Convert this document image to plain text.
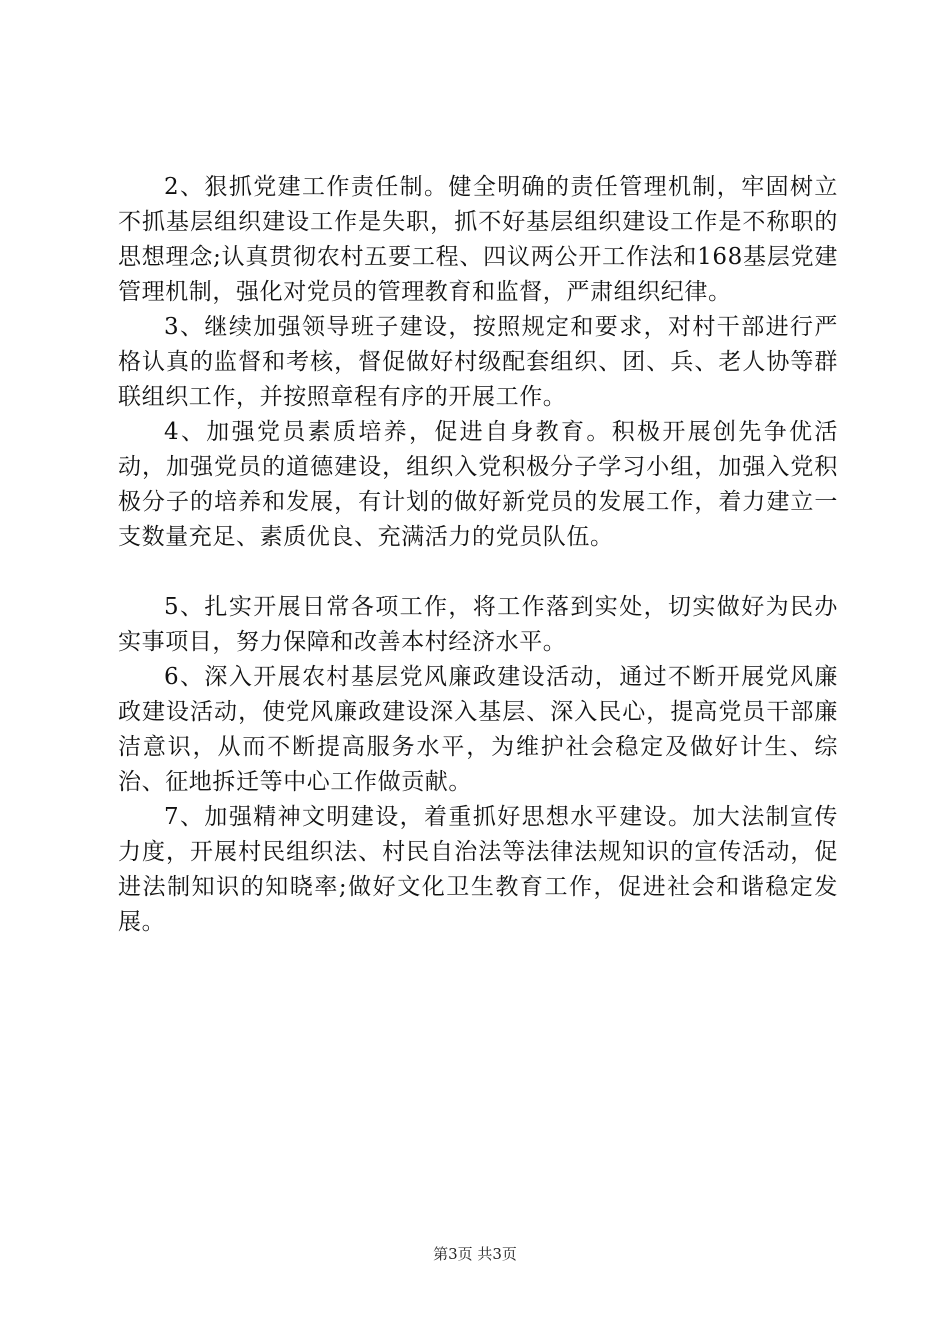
2、狠抓党建工作责任制。健全明确的责任管理机制，牢固树立不抓基层组织建设工作是失职，抓不好基层组织建设工作是不称职的思想理念;认真贯彻农村五要工程、四议两公开工作法和168基层党建管理机制，强化对党员的管理教育和监督，严肃组织纪律。

3、继续加强领导班子建设，按照规定和要求，对村干部进行严格认真的监督和考核，督促做好村级配套组织、团、兵、老人协等群联组织工作，并按照章程有序的开展工作。

4、加强党员素质培养，促进自身教育。积极开展创先争优活动，加强党员的道德建设，组织入党积极分子学习小组，加强入党积极分子的培养和发展，有计划的做好新党员的发展工作，着力建立一支数量充足、素质优良、充满活力的党员队伍。

5、扎实开展日常各项工作，将工作落到实处，切实做好为民办实事项目，努力保障和改善本村经济水平。

6、深入开展农村基层党风廉政建设活动，通过不断开展党风廉政建设活动，使党风廉政建设深入基层、深入民心，提高党员干部廉洁意识，从而不断提高服务水平，为维护社会稳定及做好计生、综治、征地拆迁等中心工作做贡献。

7、加强精神文明建设，着重抓好思想水平建设。加大法制宣传力度，开展村民组织法、村民自治法等法律法规知识的宣传活动，促进法制知识的知晓率;做好文化卫生教育工作，促进社会和谐稳定发展。

第3页 共3页
